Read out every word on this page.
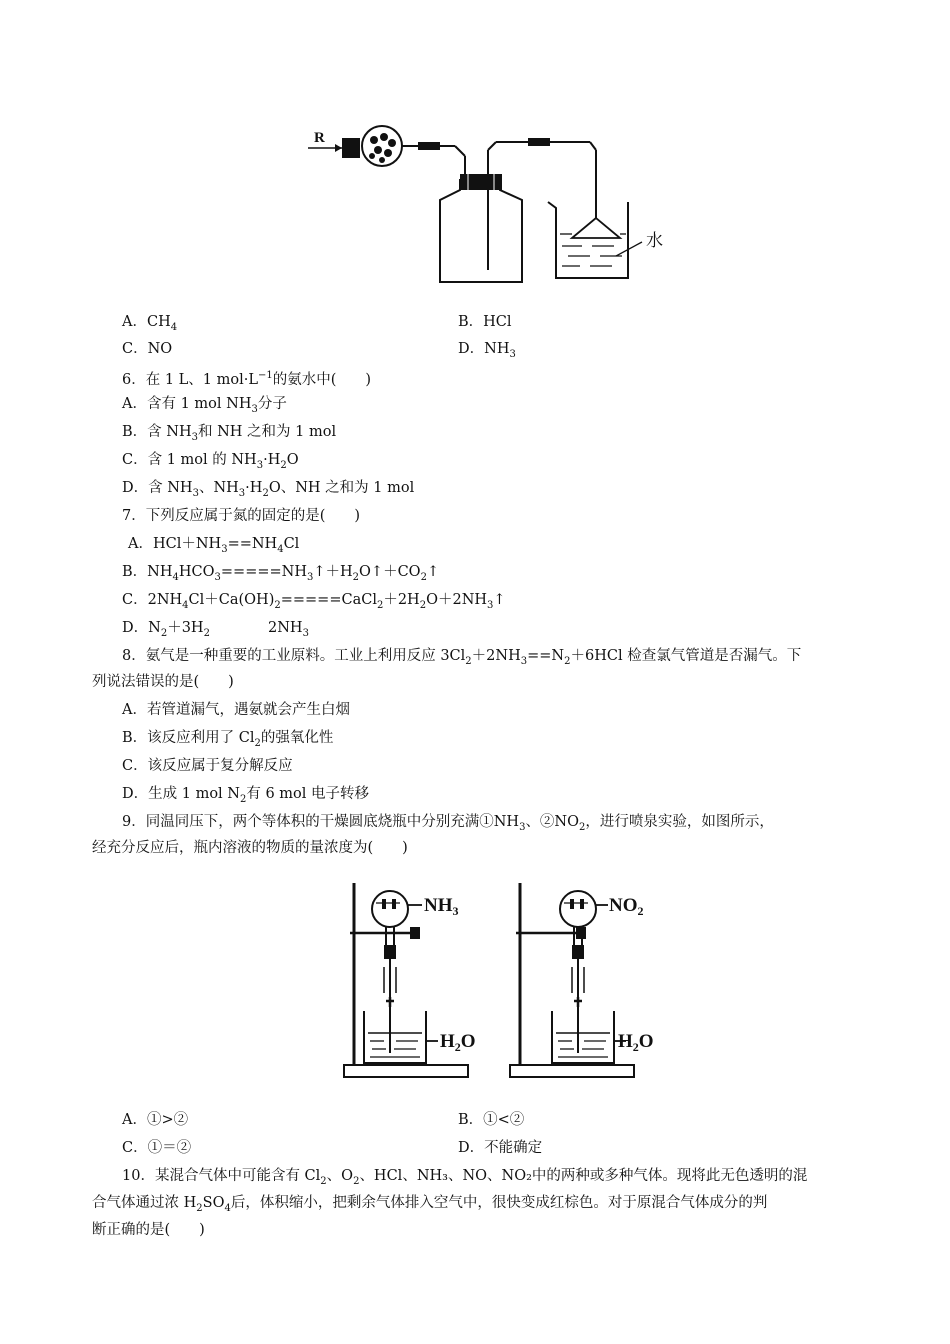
R
水
A．$CH_4$	B．HCl
C．NO	D．$NH_3$
6．在 1 L、1 $mol\cdot L^{-1}$的氨水中(　　)
A．含有 1 mol $NH_3$分子
B．含 $NH_3$和 NH 之和为 1 mol
C．含 1 mol 的 $NH_3\cdot H_2O$
D．含 $NH_3$、$NH_3\cdot H_2O$、NH 之和为 1 mol
7．下列反应属于氮的固定的是(　　)
A．$HCl+NH_3==NH_4Cl$
B．$NH_4HCO_3=====NH_3↑+H_2O↑+CO_2↑$
C．$2NH_4Cl+Ca(OH)_2=====CaCl_2+2H_2O+2NH_3↑$
D．$N_2+3H_2$	$2NH_3$
8．氨气是一种重要的工业原料。工业上利用反应 $3Cl_2+2NH_3==N_2+6HCl$ 检查氯气管道是否漏气。下
列说法错误的是(　　)
A．若管道漏气，遇氨就会产生白烟
B．该反应利用了 $Cl_2$的强氧化性
C．该反应属于复分解反应
D．生成 1 mol $N_2$有 6 mol 电子转移
9．同温同压下，两个等体积的干燥圆底烧瓶中分别充满$①NH_3$、$②NO_2$，进行喷泉实验，如图所示，
经充分反应后，瓶内溶液的物质的量浓度为(　　)
$NH_3$
$H_2O$
$NO_2$
$H_2O$
A．①>②	B．①<②
C．①＝②	D．不能确定
10．某混合气体中可能含有 $Cl_2$、$O_2$、HCl、NH₃、NO、NO₂中的两种或多种气体。现将此无色透明的混
合气体通过浓 $H_2SO_4$后，体积缩小，把剩余气体排入空气中，很快变成红棕色。对于原混合气体成分的判
断正确的是(　　)
